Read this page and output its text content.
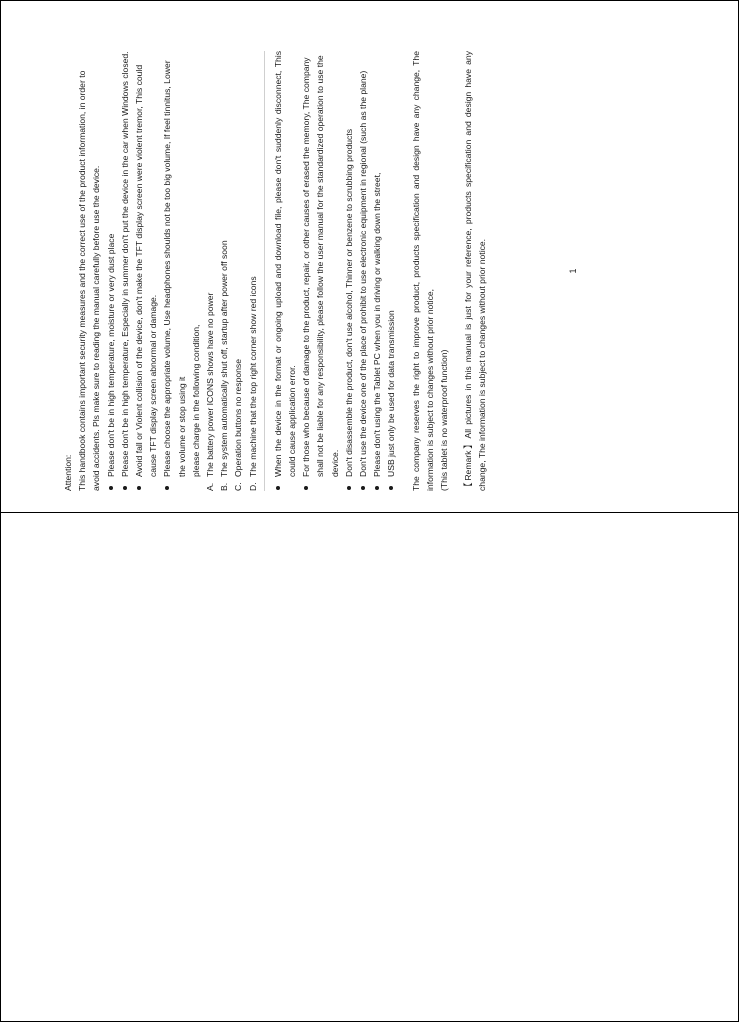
Attention: This handbook contains important security measures and the correct use of the product information, in order to avoid accidents. Pls make sure to reading the manual carefully before use the device. Please don't be in high temperature, moisture or very dust place Please don't be in high temperature, Especially in summer don't put the device in the car when Windows closed. Avoid fall or Violent collision of the device, don't make the TFT display screen were violent tremor, This could cause TFT display screen abnormal or damage. Please choose the appropriate volume, Use headphones shoulds not be too big volume, If feel tinnitus, Lower the volume or stop using it please charge in the following condition,

A.
The battery power ICONS shows have no power
B.
The system automatically shut off, startup after power off soon
C.
Operation buttons no response
D.
The machine that the top right corner show red icons When the device in the format or ongoing upload and download file, please don't suddenly disconnect, This could cause application error. For those who because of damage to the product, repair, or other causes of erased the memory, The company shall not be liable for any responsibility, please follow the user manual for the standardized operation to use the device. Don't disassemble the product, don't use alcohol, Thinner or benzene to scrubbing products Don't use the device one of the place of prohibit to use electronic equipment in regional (such as the plane) Please don't using the Tablet PC when you in driving or walking down the street, USB just only be used for data transmission The company reserves the right to improve product, products specification and design have any change, The information is subject to changes without prior notice, (This tablet is no waterproof function) 【Remark】All pictures in this manual is just for your reference, products specification and design have any change, The information is subject to changes without prior notice.	1
